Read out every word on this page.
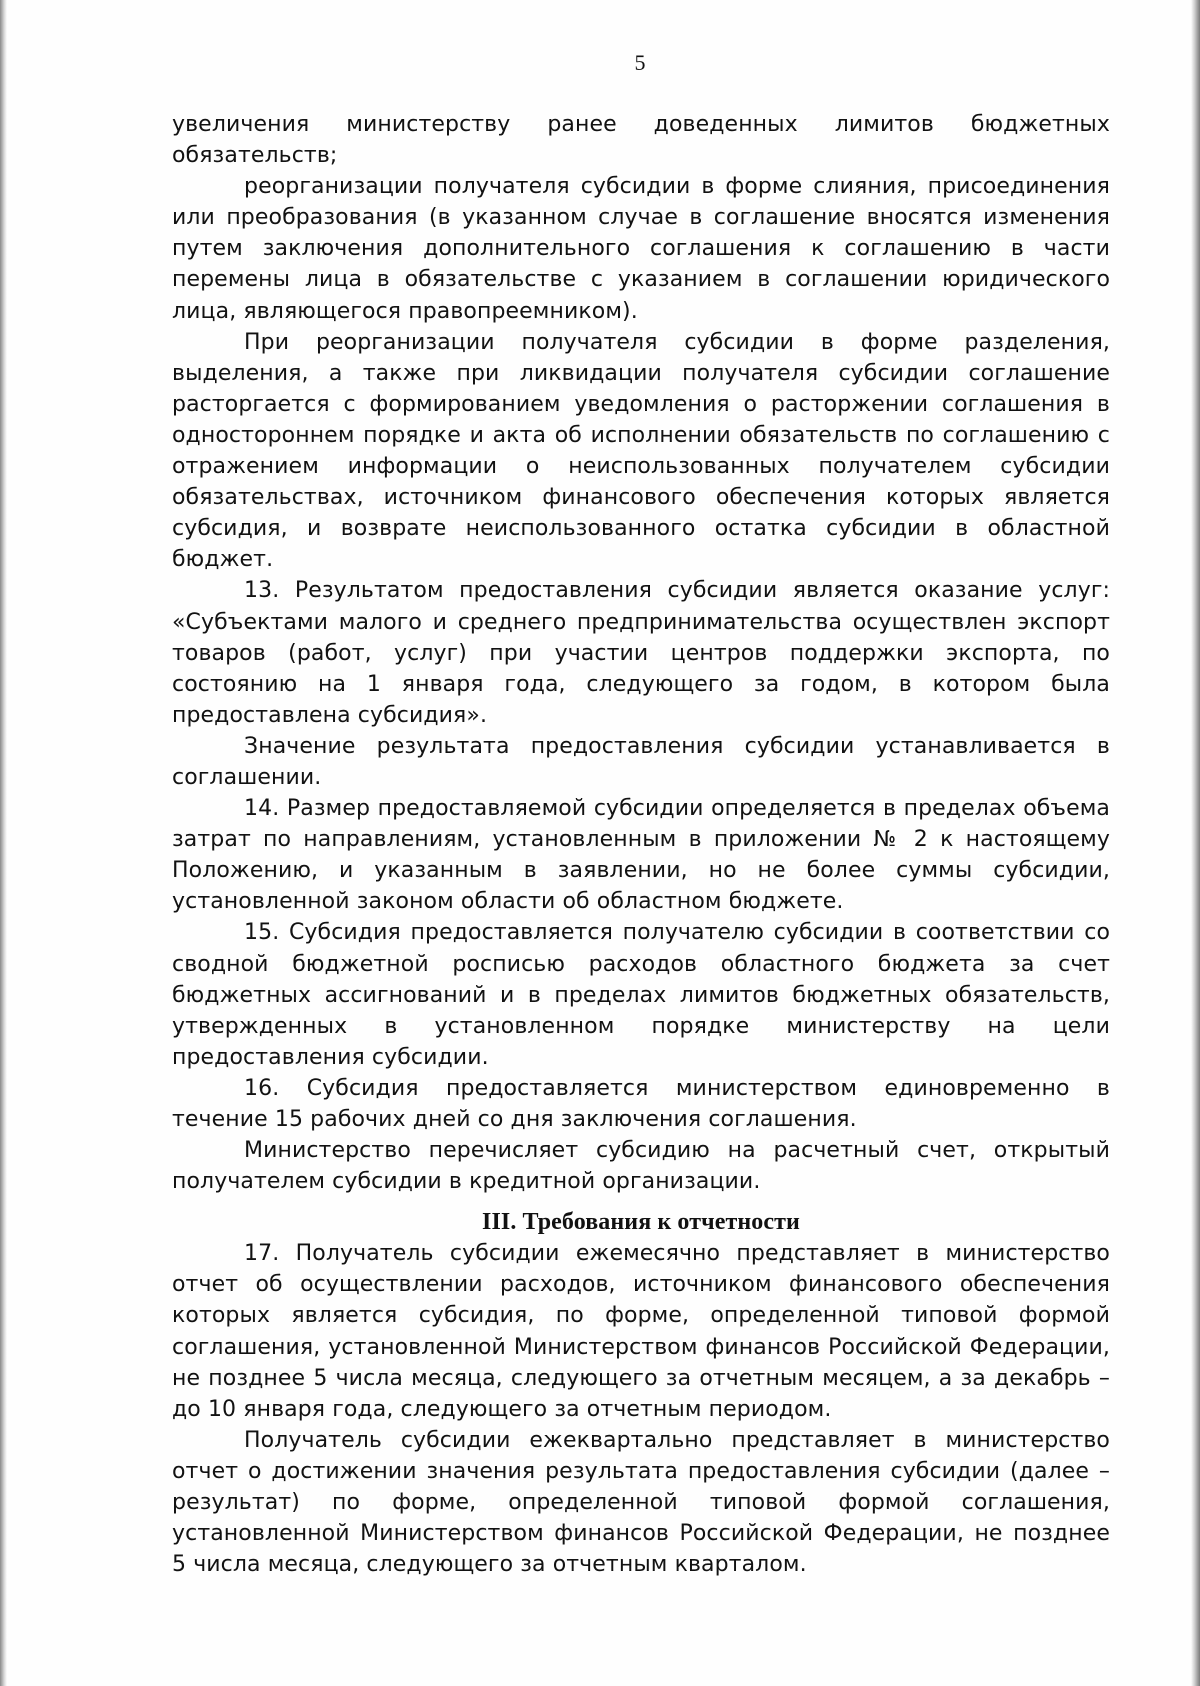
5

увеличения министерству ранее доведенных лимитов бюджетных обязательств;

реорганизации получателя субсидии в форме слияния, присоединения или преобразования (в указанном случае в соглашение вносятся изменения путем заключения дополнительного соглашения к соглашению в части перемены лица в обязательстве с указанием в соглашении юридического лица, являющегося правопреемником).

При реорганизации получателя субсидии в форме разделения, выделения, а также при ликвидации получателя субсидии соглашение расторгается с формированием уведомления о расторжении соглашения в одностороннем порядке и акта об исполнении обязательств по соглашению с отражением информации о неиспользованных получателем субсидии обязательствах, источником финансового обеспечения которых является субсидия, и возврате неиспользованного остатка субсидии в областной бюджет.

13. Результатом предоставления субсидии является оказание услуг: «Субъектами малого и среднего предпринимательства осуществлен экспорт товаров (работ, услуг) при участии центров поддержки экспорта, по состоянию на 1 января года, следующего за годом, в котором была предоставлена субсидия».

Значение результата предоставления субсидии устанавливается в соглашении.

14. Размер предоставляемой субсидии определяется в пределах объема затрат по направлениям, установленным в приложении № 2 к настоящему Положению, и указанным в заявлении, но не более суммы субсидии, установленной законом области об областном бюджете.

15. Субсидия предоставляется получателю субсидии в соответствии со сводной бюджетной росписью расходов областного бюджета за счет бюджетных ассигнований и в пределах лимитов бюджетных обязательств, утвержденных в установленном порядке министерству на цели предоставления субсидии.

16. Субсидия предоставляется министерством единовременно в течение 15 рабочих дней со дня заключения соглашения.

Министерство перечисляет субсидию на расчетный счет, открытый получателем субсидии в кредитной организации.

III. Требования к отчетности

17. Получатель субсидии ежемесячно представляет в министерство отчет об осуществлении расходов, источником финансового обеспечения которых является субсидия, по форме, определенной типовой формой соглашения, установленной Министерством финансов Российской Федерации, не позднее 5 числа месяца, следующего за отчетным месяцем, а за декабрь – до 10 января года, следующего за отчетным периодом.

Получатель субсидии ежеквартально представляет в министерство отчет о достижении значения результата предоставления субсидии (далее – результат) по форме, определенной типовой формой соглашения, установленной Министерством финансов Российской Федерации, не позднее 5 числа месяца, следующего за отчетным кварталом.
